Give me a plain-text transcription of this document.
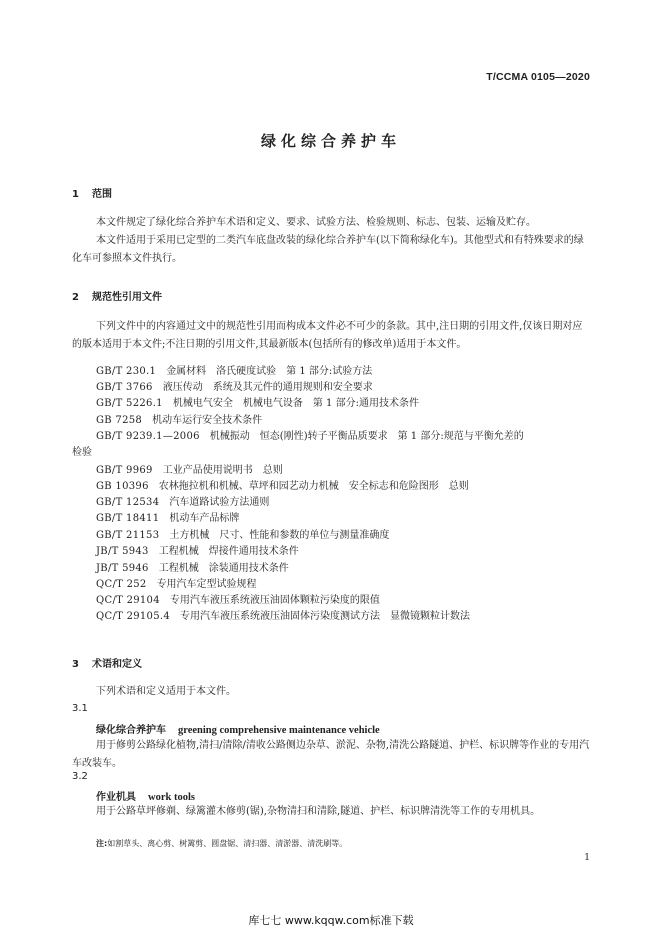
T/CCMA 0105—2020
绿化综合养护车
1 范围
本文件规定了绿化综合养护车术语和定义、要求、试验方法、检验规则、标志、包装、运输及贮存。
本文件适用于采用已定型的二类汽车底盘改装的绿化综合养护车(以下简称绿化车)。其他型式和有特殊要求的绿化车可参照本文件执行。
2 规范性引用文件
下列文件中的内容通过文中的规范性引用而构成本文件必不可少的条款。其中,注日期的引用文件,仅该日期对应的版本适用于本文件;不注日期的引用文件,其最新版本(包括所有的修改单)适用于本文件。
GB/T 230.1 金属材料　洛氏硬度试验　第 1 部分:试验方法
GB/T 3766 液压传动　系统及其元件的通用规则和安全要求
GB/T 5226.1 机械电气安全　机械电气设备　第 1 部分:通用技术条件
GB 7258 机动车运行安全技术条件
GB/T 9239.1—2006 机械振动　恒态(刚性)转子平衡品质要求　第 1 部分:规范与平衡允差的
检验
GB/T 9969 工业产品使用说明书　总则
GB 10396 农林拖拉机和机械、草坪和园艺动力机械　安全标志和危险图形　总则
GB/T 12534 汽车道路试验方法通则
GB/T 18411 机动车产品标牌
GB/T 21153 土方机械　尺寸、性能和参数的单位与测量准确度
JB/T 5943 工程机械　焊接件通用技术条件
JB/T 5946 工程机械　涂装通用技术条件
QC/T 252 专用汽车定型试验规程
QC/T 29104 专用汽车液压系统液压油固体颗粒污染度的限值
QC/T 29105.4 专用汽车液压系统液压油固体污染度测试方法　显微镜颗粒计数法
3 术语和定义
下列术语和定义适用于本文件。
3.1
绿化综合养护车 greening comprehensive maintenance vehicle
用于修剪公路绿化植物,清扫/清除/清收公路侧边杂草、淤泥、杂物,清洗公路隧道、护栏、标识牌等作业的专用汽车改装车。
3.2
作业机具 work tools
用于公路草坪修剃、绿篱灌木修剪(锯),杂物清扫和清除,隧道、护栏、标识牌清洗等工作的专用机具。
注:如割草头、离心剪、树篱剪、圆盘锯、清扫器、清淤器、清洗刷等。
1
库七七 www.kqqw.com标准下载
